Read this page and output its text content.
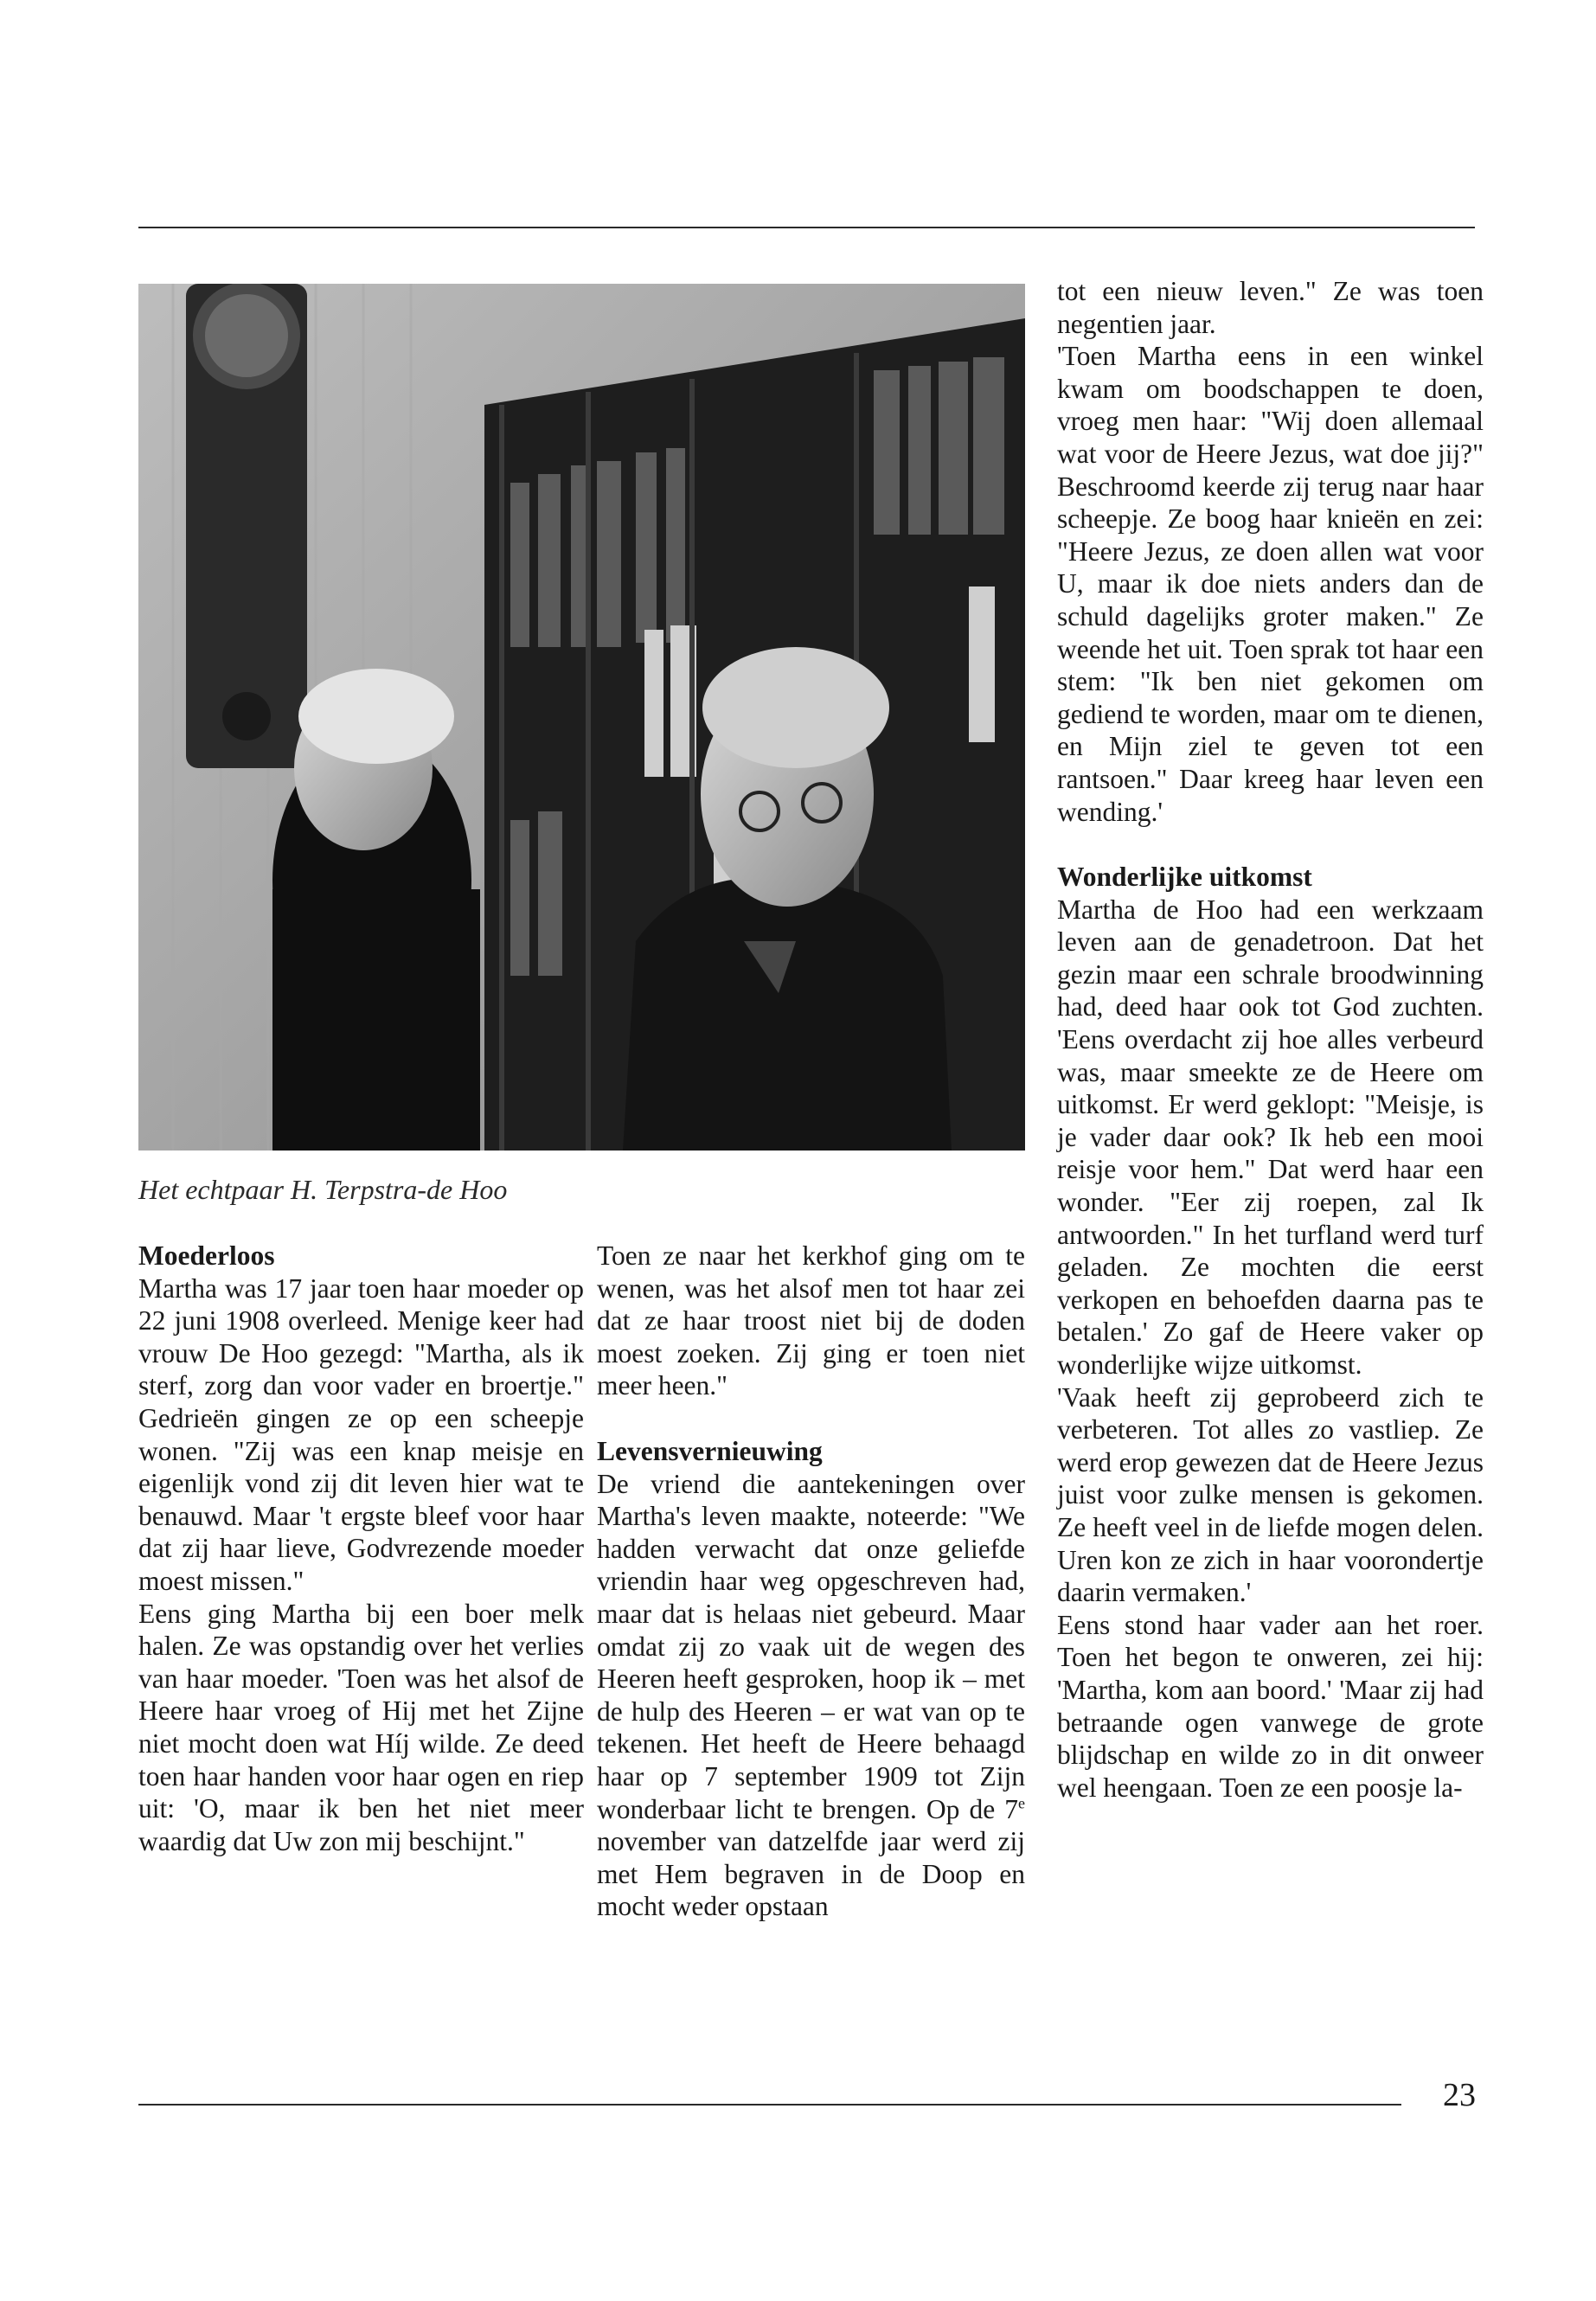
Het echtpaar H. Terpstra-de Hoo
Moederloos

Martha was 17 jaar toen haar moeder op 22 juni 1908 overleed. Menige keer had vrouw De Hoo gezegd: "Martha, als ik sterf, zorg dan voor vader en broertje." Gedrieën gingen ze op een scheepje wonen. "Zij was een knap meisje en eigenlijk vond zij dit leven hier wat te benauwd. Maar 't ergste bleef voor haar dat zij haar lieve, Godvrezende moeder moest missen."

Eens ging Martha bij een boer melk halen. Ze was opstandig over het verlies van haar moeder. 'Toen was het alsof de Heere haar vroeg of Hij met het Zijne niet mocht doen wat Híj wilde. Ze deed toen haar handen voor haar ogen en riep uit: 'O, maar ik ben het niet meer waardig dat Uw zon mij beschijnt."

Toen ze naar het kerkhof ging om te wenen, was het alsof men tot haar zei dat ze haar troost niet bij de doden moest zoeken. Zij ging er toen niet meer heen."

Levensvernieuwing

De vriend die aantekeningen over Martha's leven maakte, noteerde: "We hadden verwacht dat onze geliefde vriendin haar weg opgeschreven had, maar dat is helaas niet gebeurd. Maar omdat zij zo vaak uit de wegen des Heeren heeft gesproken, hoop ik – met de hulp des Heeren – er wat van op te tekenen. Het heeft de Heere behaagd haar op 7 september 1909 tot Zijn wonderbaar licht te brengen. Op de 7e november van datzelfde jaar werd zij met Hem begraven in de Doop en mocht weder opstaan

tot een nieuw leven." Ze was toen negentien jaar.

'Toen Martha eens in een winkel kwam om boodschappen te doen, vroeg men haar: "Wij doen allemaal wat voor de Heere Jezus, wat doe jij?" Beschroomd keerde zij terug naar haar scheepje. Ze boog haar knieën en zei: "Heere Jezus, ze doen allen wat voor U, maar ik doe niets anders dan de schuld dagelijks groter maken." Ze weende het uit. Toen sprak tot haar een stem: "Ik ben niet gekomen om gediend te worden, maar om te dienen, en Mijn ziel te geven tot een rantsoen." Daar kreeg haar leven een wending.'

Wonderlijke uitkomst

Martha de Hoo had een werkzaam leven aan de genadetroon. Dat het gezin maar een schrale broodwinning had, deed haar ook tot God zuchten. 'Eens overdacht zij hoe alles verbeurd was, maar smeekte ze de Heere om uitkomst. Er werd geklopt: "Meisje, is je vader daar ook? Ik heb een mooi reisje voor hem." Dat werd haar een wonder. "Eer zij roepen, zal Ik antwoorden." In het turfland werd turf geladen. Ze mochten die eerst verkopen en behoefden daarna pas te betalen.' Zo gaf de Heere vaker op wonderlijke wijze uitkomst.

'Vaak heeft zij geprobeerd zich te verbeteren. Tot alles zo vastliep. Ze werd erop gewezen dat de Heere Jezus juist voor zulke mensen is gekomen. Ze heeft veel in de liefde mogen delen. Uren kon ze zich in haar voorondertje daarin vermaken.'

Eens stond haar vader aan het roer. Toen het begon te onweren, zei hij: 'Martha, kom aan boord.' 'Maar zij had betraande ogen vanwege de grote blijdschap en wilde zo in dit onweer wel heengaan. Toen ze een poosje la-

23
